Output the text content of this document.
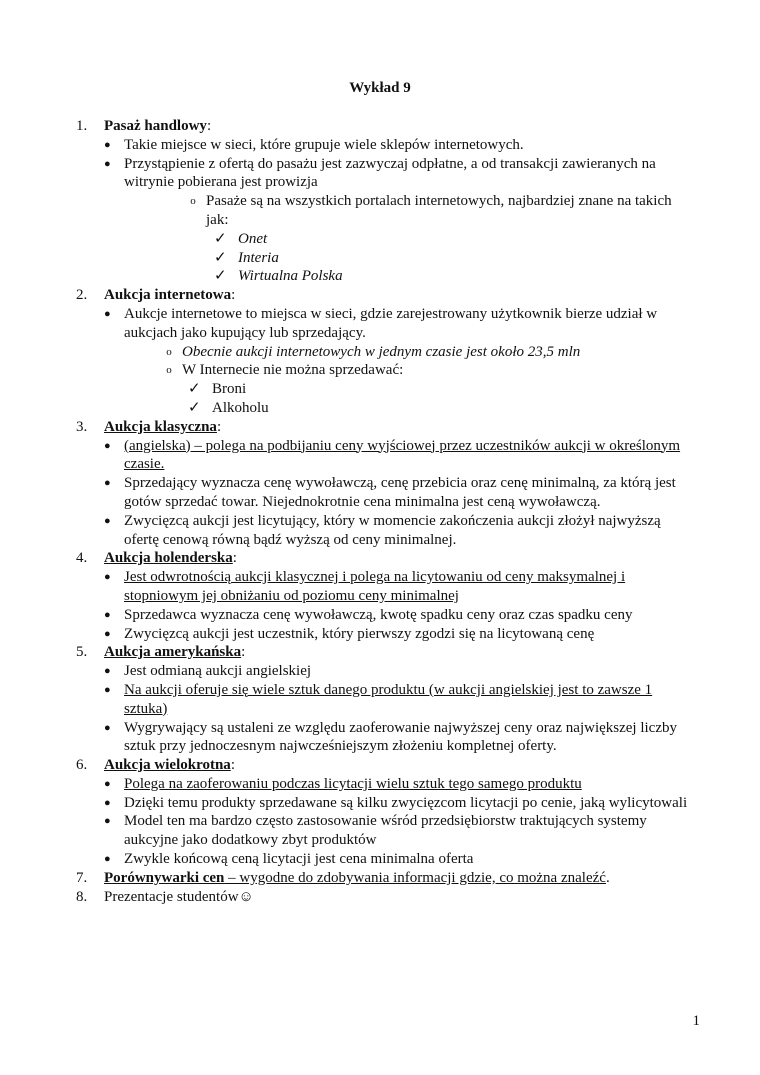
Wykład 9
1.	Pasaż handlowy:
● Takie miejsce w sieci, które grupuje wiele sklepów internetowych.
● Przystąpienie z ofertą do pasażu jest zazwyczaj odpłatne, a od transakcji zawieranych na witrynie pobierana jest prowizja
o Pasaże są na wszystkich portalach internetowych, najbardziej znane na takich jak:
✓ Onet
✓ Interia
✓ Wirtualna Polska
2.	Aukcja internetowa:
● Aukcje internetowe to miejsca w sieci, gdzie zarejestrowany użytkownik bierze udział w aukcjach jako kupujący lub sprzedający.
o Obecnie aukcji internetowych w jednym czasie jest około 23,5 mln
o W Internecie nie można sprzedawać:
✓ Broni
✓ Alkoholu
3.	Aukcja klasyczna:
● (angielska) – polega na podbijaniu ceny wyjściowej przez uczestników aukcji w określonym czasie.
● Sprzedający wyznacza cenę wywoławczą, cenę przebicia oraz cenę minimalną, za którą jest gotów sprzedać towar. Niejednokrotnie cena minimalna jest ceną wywoławczą.
● Zwycięzcą aukcji jest licytujący, który w momencie zakończenia aukcji złożył najwyższą ofertę cenową równą bądź wyższą od ceny minimalnej.
4.	Aukcja holenderska:
● Jest odwrotnością aukcji klasycznej i polega na licytowaniu od ceny maksymalnej i stopniowym jej obniżaniu od poziomu ceny minimalnej
● Sprzedawca wyznacza cenę wywoławczą, kwotę spadku ceny oraz czas spadku ceny
● Zwycięzcą aukcji jest uczestnik, który pierwszy zgodzi się na licytowaną cenę
5.	Aukcja amerykańska:
● Jest odmianą aukcji angielskiej
● Na aukcji oferuje się wiele sztuk danego produktu (w aukcji angielskiej jest to zawsze 1 sztuka)
● Wygrywający są ustaleni ze względu zaoferowanie najwyższej ceny oraz największej liczby sztuk przy jednoczesnym najwcześniejszym złożeniu kompletnej oferty.
6.	Aukcja wielokrotna:
● Polega na zaoferowaniu podczas licytacji wielu sztuk tego samego produktu
● Dzięki temu produkty sprzedawane są kilku zwycięzcom licytacji po cenie, jaką wylicytowali
● Model ten ma bardzo często zastosowanie wśród przedsiębiorstw traktujących systemy aukcyjne jako dodatkowy zbyt produktów
● Zwykle końcową ceną licytacji jest cena minimalna oferta
7.	Porównywarki cen – wygodne do zdobywania informacji gdzie, co można znaleźć.
8.	Prezentacje studentów☺
1
